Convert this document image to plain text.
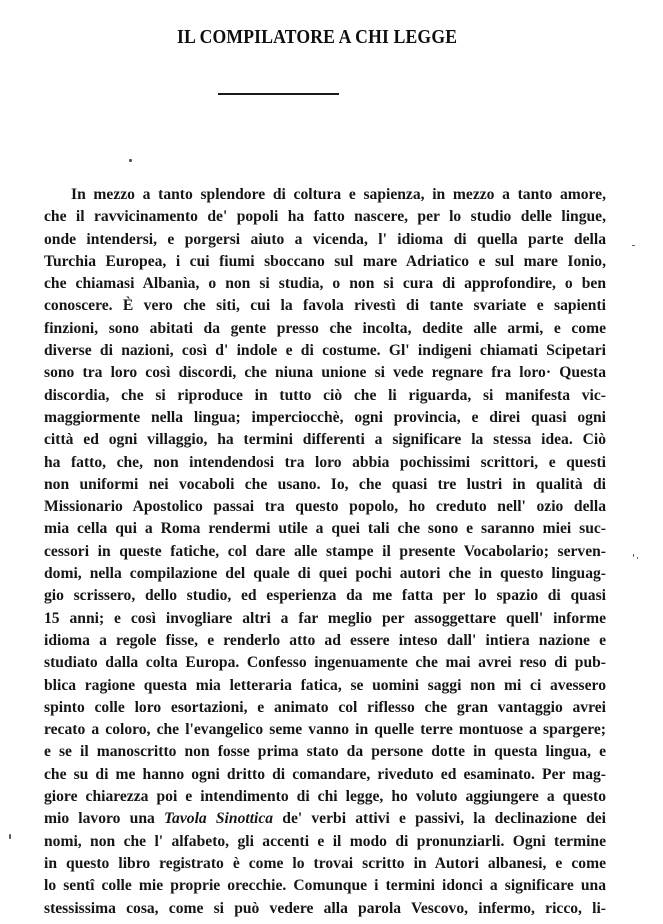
IL COMPILATORE A CHI LEGGE
In mezzo a tanto splendore di coltura e sapienza, in mezzo a tanto amore,
che il ravvicinamento de' popoli ha fatto nascere, per lo studio delle lingue,
onde intendersi, e porgersi aiuto a vicenda, l' idioma di quella parte della
Turchia Europea, i cui fiumi sboccano sul mare Adriatico e sul mare Ionio,
che chiamasi Albanìa, o non si studia, o non si cura di approfondire, o ben
conoscere. È vero che siti, cui la favola rivestì di tante svariate e sapienti
finzioni, sono abitati da gente presso che incolta, dedite alle armi, e come
diverse di nazioni, così d' indole e di costume. Gl' indigeni chiamati Scipetari
sono tra loro così discordi, che niuna unione si vede regnare fra loro· Questa
discordia, che si riproduce in tutto ciò che li riguarda, si manifesta vic-
maggiormente nella lingua; imperciocchè, ogni provincia, e direi quasi ogni
città ed ogni villaggio, ha termini differenti a significare la stessa idea. Ciò
ha fatto, che, non intendendosi tra loro abbia pochissimi scrittori, e questi
non uniformi nei vocaboli che usano. Io, che quasi tre lustri in qualità di
Missionario Apostolico passai tra questo popolo, ho creduto nell' ozio della
mia cella qui a Roma rendermi utile a quei tali che sono e saranno miei suc-
cessori in queste fatiche, col dare alle stampe il presente Vocabolario; serven-
domi, nella compilazione del quale di quei pochi autori che in questo linguag-
gio scrissero, dello studio, ed esperienza da me fatta per lo spazio di quasi
15 anni; e così invogliare altri a far meglio per assoggettare quell' informe
idioma a regole fisse, e renderlo atto ad essere inteso dall' intiera nazione e
studiato dalla colta Europa. Confesso ingenuamente che mai avrei reso di pub-
blica ragione questa mia letteraria fatica, se uomini saggi non mi ci avessero
spinto colle loro esortazioni, e animato col riflesso che gran vantaggio avrei
recato a coloro, che l'evangelico seme vanno in quelle terre montuose a spargere;
e se il manoscritto non fosse prima stato da persone dotte in questa lingua, e
che su di me hanno ogni dritto di comandare, riveduto ed esaminato. Per mag-
giore chiarezza poi e intendimento di chi legge, ho voluto aggiungere a questo
mio lavoro una Tavola Sinottica de' verbi attivi e passivi, la declinazione dei
nomi, non che l' alfabeto, gli accenti e il modo di pronunziarli. Ogni termine
in questo libro registrato è come lo trovai scritto in Autori albanesi, e come
lo sentî colle mie proprie orecchie. Comunque i termini idonci a significare una
stessissima cosa, come si può vedere alla parola Vescovo, infermo, ricco, li-
